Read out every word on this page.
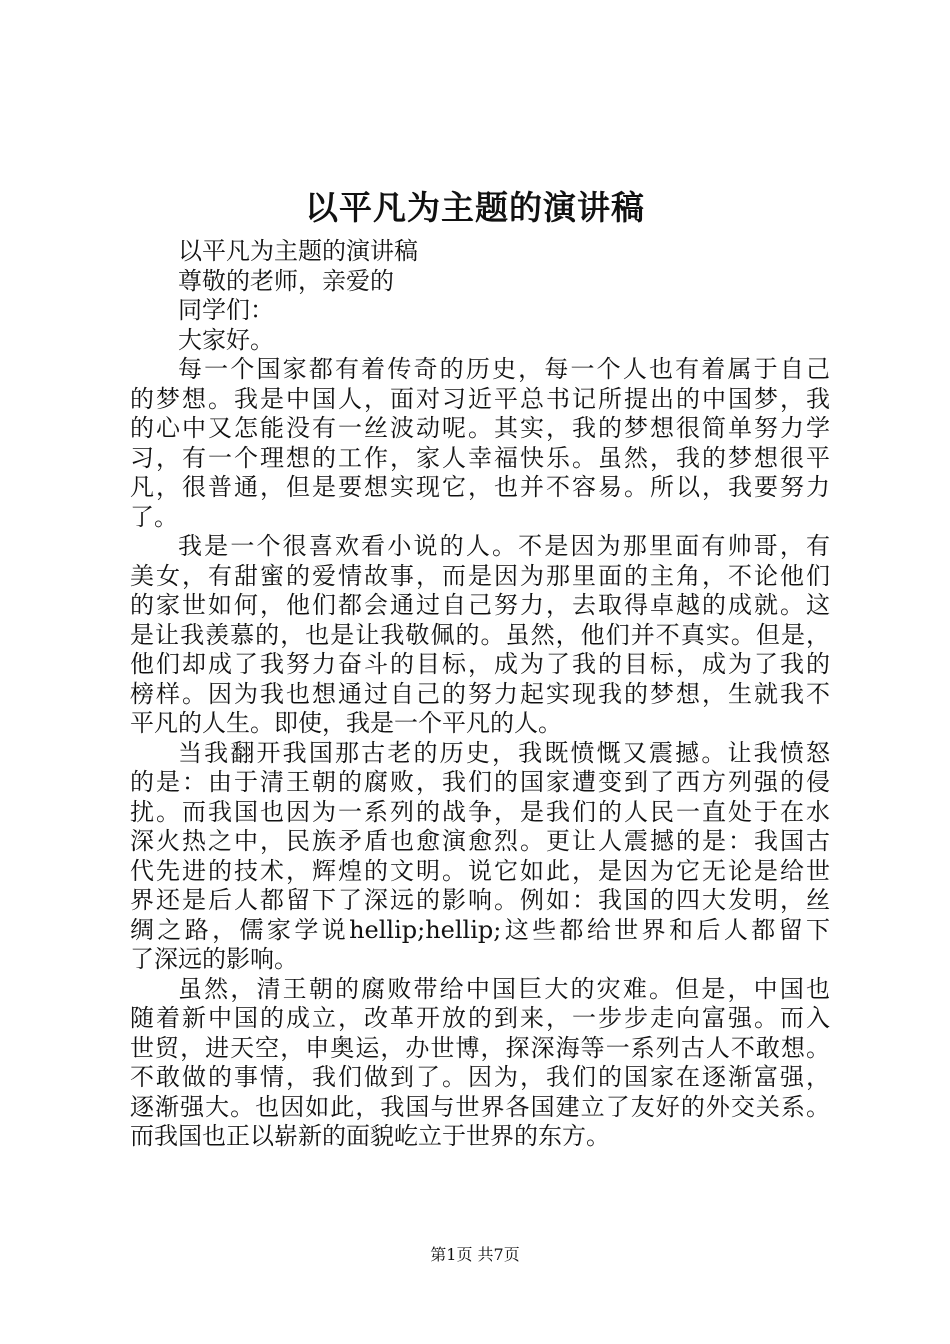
以平凡为主题的演讲稿
以平凡为主题的演讲稿
尊敬的老师，亲爱的
同学们：
大家好。
每一个国家都有着传奇的历史，每一个人也有着属于自己
的梦想。我是中国人，面对习近平总书记所提出的中国梦，我
的心中又怎能没有一丝波动呢。其实，我的梦想很简单努力学
习，有一个理想的工作，家人幸福快乐。虽然，我的梦想很平
凡，很普通，但是要想实现它，也并不容易。所以，我要努力
了。
我是一个很喜欢看小说的人。不是因为那里面有帅哥，有
美女，有甜蜜的爱情故事，而是因为那里面的主角，不论他们
的家世如何，他们都会通过自己努力，去取得卓越的成就。这
是让我羡慕的，也是让我敬佩的。虽然，他们并不真实。但是，
他们却成了我努力奋斗的目标，成为了我的目标，成为了我的
榜样。因为我也想通过自己的努力起实现我的梦想，生就我不
平凡的人生。即使，我是一个平凡的人。
当我翻开我国那古老的历史，我既愤慨又震撼。让我愤怒
的是：由于清王朝的腐败，我们的国家遭变到了西方列强的侵
扰。而我国也因为一系列的战争，是我们的人民一直处于在水
深火热之中，民族矛盾也愈演愈烈。更让人震撼的是：我国古
代先进的技术，辉煌的文明。说它如此，是因为它无论是给世
界还是后人都留下了深远的影响。例如：我国的四大发明，丝
绸之路，儒家学说hellip;hellip;这些都给世界和后人都留下
了深远的影响。
虽然，清王朝的腐败带给中国巨大的灾难。但是，中国也
随着新中国的成立，改革开放的到来，一步步走向富强。而入
世贸，进天空，申奥运，办世博，探深海等一系列古人不敢想。
不敢做的事情，我们做到了。因为，我们的国家在逐渐富强，
逐渐强大。也因如此，我国与世界各国建立了友好的外交关系。
而我国也正以崭新的面貌屹立于世界的东方。
第1页 共7页
